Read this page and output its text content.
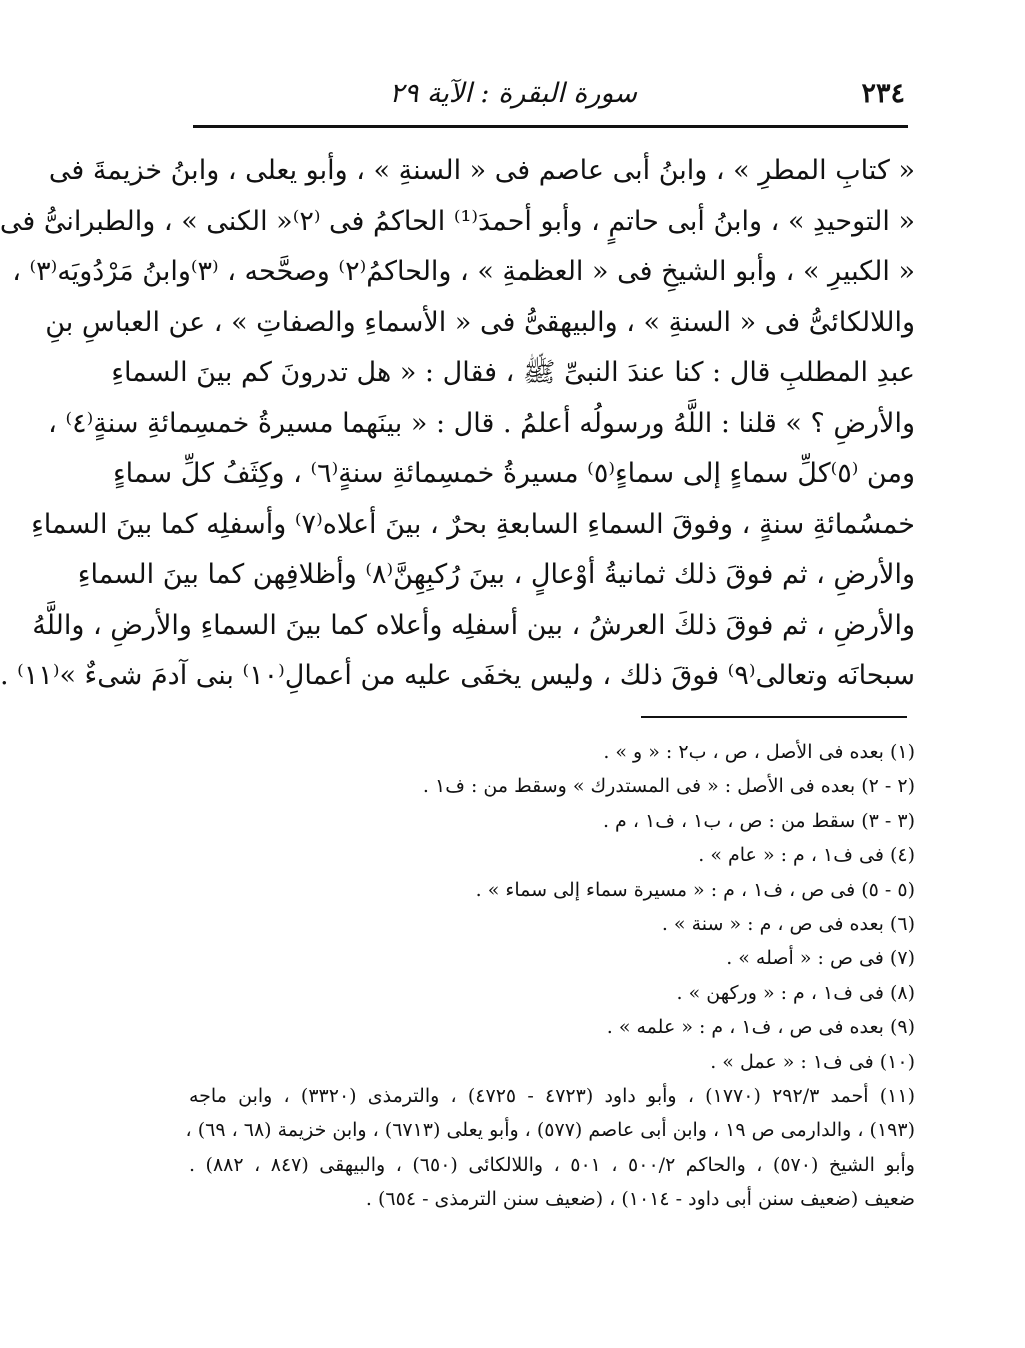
٢٣٤
سورة البقرة : الآية ٢٩
« كتابِ المطرِ » ، وابنُ أبى عاصم فى « السنةِ » ، وأبو يعلى ، وابنُ خزيمةَ فى
« التوحيدِ » ، وابنُ أبى حاتمٍ ، وأبو أحمدَ⁽¹⁾ الحاكمُ فى ⁽٢⁾« الكنى » ، والطبرانىُّ فى
« الكبيرِ » ، وأبو الشيخِ فى « العظمةِ » ، والحاكمُ⁽٢⁾ وصحَّحه ، ⁽٣⁾وابنُ مَرْدُويَه⁽٣⁾ ،
واللالكائىُّ فى « السنةِ » ، والبيهقىُّ فى « الأسماءِ والصفاتِ » ، عن العباسِ بنِ
عبدِ المطلبِ قال : كنا عندَ النبىِّ ﷺ ، فقال : « هل تدرونَ كم بينَ السماءِ
والأرضِ ؟ » قلنا : اللَّهُ ورسولُه أعلمُ . قال : « بينَهما مسيرةُ خمسِمائةِ سنةٍ⁽٤⁾ ،
ومن ⁽٥⁾كلِّ سماءٍ إلى سماءٍ⁽٥⁾ مسيرةُ خمسِمائةِ سنةٍ⁽٦⁾ ، وكِثَفُ كلِّ سماءٍ
خمسُمائةِ سنةٍ ، وفوقَ السماءِ السابعةِ بحرٌ ، بينَ أعلاه⁽٧⁾ وأسفلِه كما بينَ السماءِ
والأرضِ ، ثم فوقَ ذلك ثمانيةُ أوْعالٍ ، بينَ رُكبِهِنَّ⁽٨⁾ وأظلافِهن كما بينَ السماءِ
والأرضِ ، ثم فوقَ ذلكَ العرشُ ، بين أسفلِه وأعلاه كما بينَ السماءِ والأرضِ ، واللَّهُ
سبحانَه وتعالى⁽٩⁾ فوقَ ذلك ، وليس يخفَى عليه من أعمالِ⁽١٠⁾ بنى آدمَ شىءٌ »⁽١١⁾ .
(١) بعده فى الأصل ، ص ، ب٢ : « و » .
(٢ - ٢) بعده فى الأصل : « فى المستدرك » وسقط من : ف١ .
(٣ - ٣) سقط من : ص ، ب١ ، ف١ ، م .
(٤) فى ف١ ، م : « عام » .
(٥ - ٥) فى ص ، ف١ ، م : « مسيرة سماء إلى سماء » .
(٦) بعده فى ص ، م : « سنة » .
(٧) فى ص : « أصله » .
(٨) فى ف١ ، م : « وركهن » .
(٩) بعده فى ص ، ف١ ، م : « علمه » .
(١٠) فى ف١ : « عمل » .
(١١) أحمد ٢٩٢/٣ (١٧٧٠) ، وأبو داود (٤٧٢٣ - ٤٧٢٥) ، والترمذى (٣٣٢٠) ، وابن ماجه
(١٩٣) ، والدارمى ص ١٩ ، وابن أبى عاصم (٥٧٧) ، وأبو يعلى (٦٧١٣) ، وابن خزيمة (٦٨ ، ٦٩) ،
وأبو الشيخ (٥٧٠) ، والحاكم ٥٠٠/٢ ، ٥٠١ ، واللالكائى (٦٥٠) ، والبيهقى (٨٤٧ ، ٨٨٢) .
ضعيف (ضعيف سنن أبى داود - ١٠١٤) ، (ضعيف سنن الترمذى - ٦٥٤) .
